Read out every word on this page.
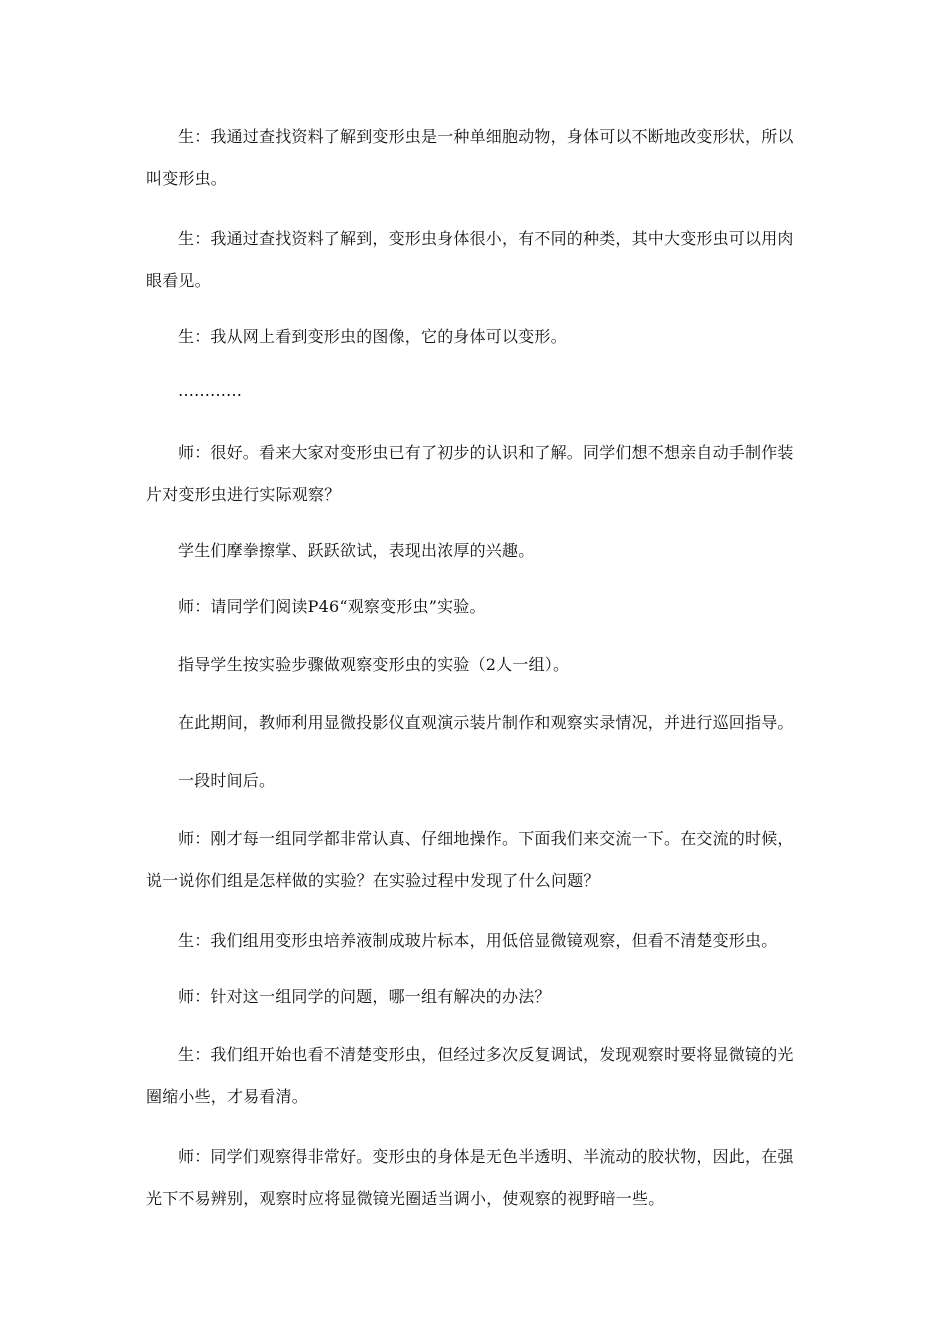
生：我通过查找资料了解到变形虫是一种单细胞动物，身体可以不断地改变形状，所以叫变形虫。

生：我通过查找资料了解到，变形虫身体很小，有不同的种类，其中大变形虫可以用肉眼看见。

生：我从网上看到变形虫的图像，它的身体可以变形。

…………

师：很好。看来大家对变形虫已有了初步的认识和了解。同学们想不想亲自动手制作装片对变形虫进行实际观察？

学生们摩拳擦掌、跃跃欲试，表现出浓厚的兴趣。

师：请同学们阅读P46“观察变形虫”实验。

指导学生按实验步骤做观察变形虫的实验（2人一组）。

在此期间，教师利用显微投影仪直观演示装片制作和观察实录情况，并进行巡回指导。

一段时间后。

师：刚才每一组同学都非常认真、仔细地操作。下面我们来交流一下。在交流的时候，说一说你们组是怎样做的实验？在实验过程中发现了什么问题？

生：我们组用变形虫培养液制成玻片标本，用低倍显微镜观察，但看不清楚变形虫。

师：针对这一组同学的问题，哪一组有解决的办法？

生：我们组开始也看不清楚变形虫，但经过多次反复调试，发现观察时要将显微镜的光圈缩小些，才易看清。

师：同学们观察得非常好。变形虫的身体是无色半透明、半流动的胶状物，因此，在强光下不易辨别，观察时应将显微镜光圈适当调小，使观察的视野暗一些。
